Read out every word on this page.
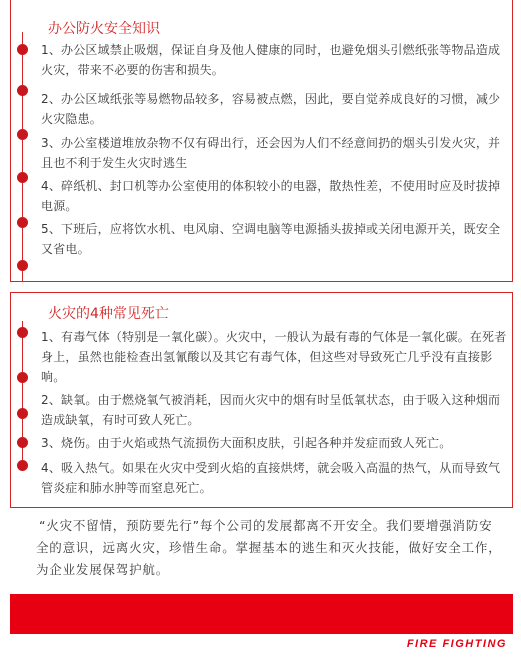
办公防火安全知识
1、办公区域禁止吸烟，保证自身及他人健康的同时，也避免烟头引燃纸张等物品造成火灾，带来不必要的伤害和损失。
2、办公区域纸张等易燃物品较多，容易被点燃，因此，要自觉养成良好的习惯，减少火灾隐患。
3、办公室楼道堆放杂物不仅有碍出行，还会因为人们不经意间扔的烟头引发火灾，并且也不利于发生火灾时逃生
4、碎纸机、封口机等办公室使用的体积较小的电器，散热性差，不使用时应及时拔掉电源。
5、下班后，应将饮水机、电风扇、空调电脑等电源插头拔掉或关闭电源开关，既安全又省电。
火灾的4种常见死亡
1、有毒气体（特别是一氧化碳）。火灾中，一般认为最有毒的气体是一氧化碳。在死者身上，虽然也能检查出氢氰酸以及其它有毒气体，但这些对导致死亡几乎没有直接影响。
2、缺氧。由于燃烧氧气被消耗，因而火灾中的烟有时呈低氧状态，由于吸入这种烟而造成缺氧，有时可致人死亡。
3、烧伤。由于火焰或热气流损伤大面积皮肤，引起各种并发症而致人死亡。
4、吸入热气。如果在火灾中受到火焰的直接烘烤，就会吸入高温的热气，从而导致气管炎症和肺水肿等而窒息死亡。
“火灾不留情，预防要先行”每个公司的发展都离不开安全。我们要增强消防安全的意识，远离火灾，珍惜生命。掌握基本的逃生和灭火技能，做好安全工作，为企业发展保驾护航。
FIRE FIGHTING
